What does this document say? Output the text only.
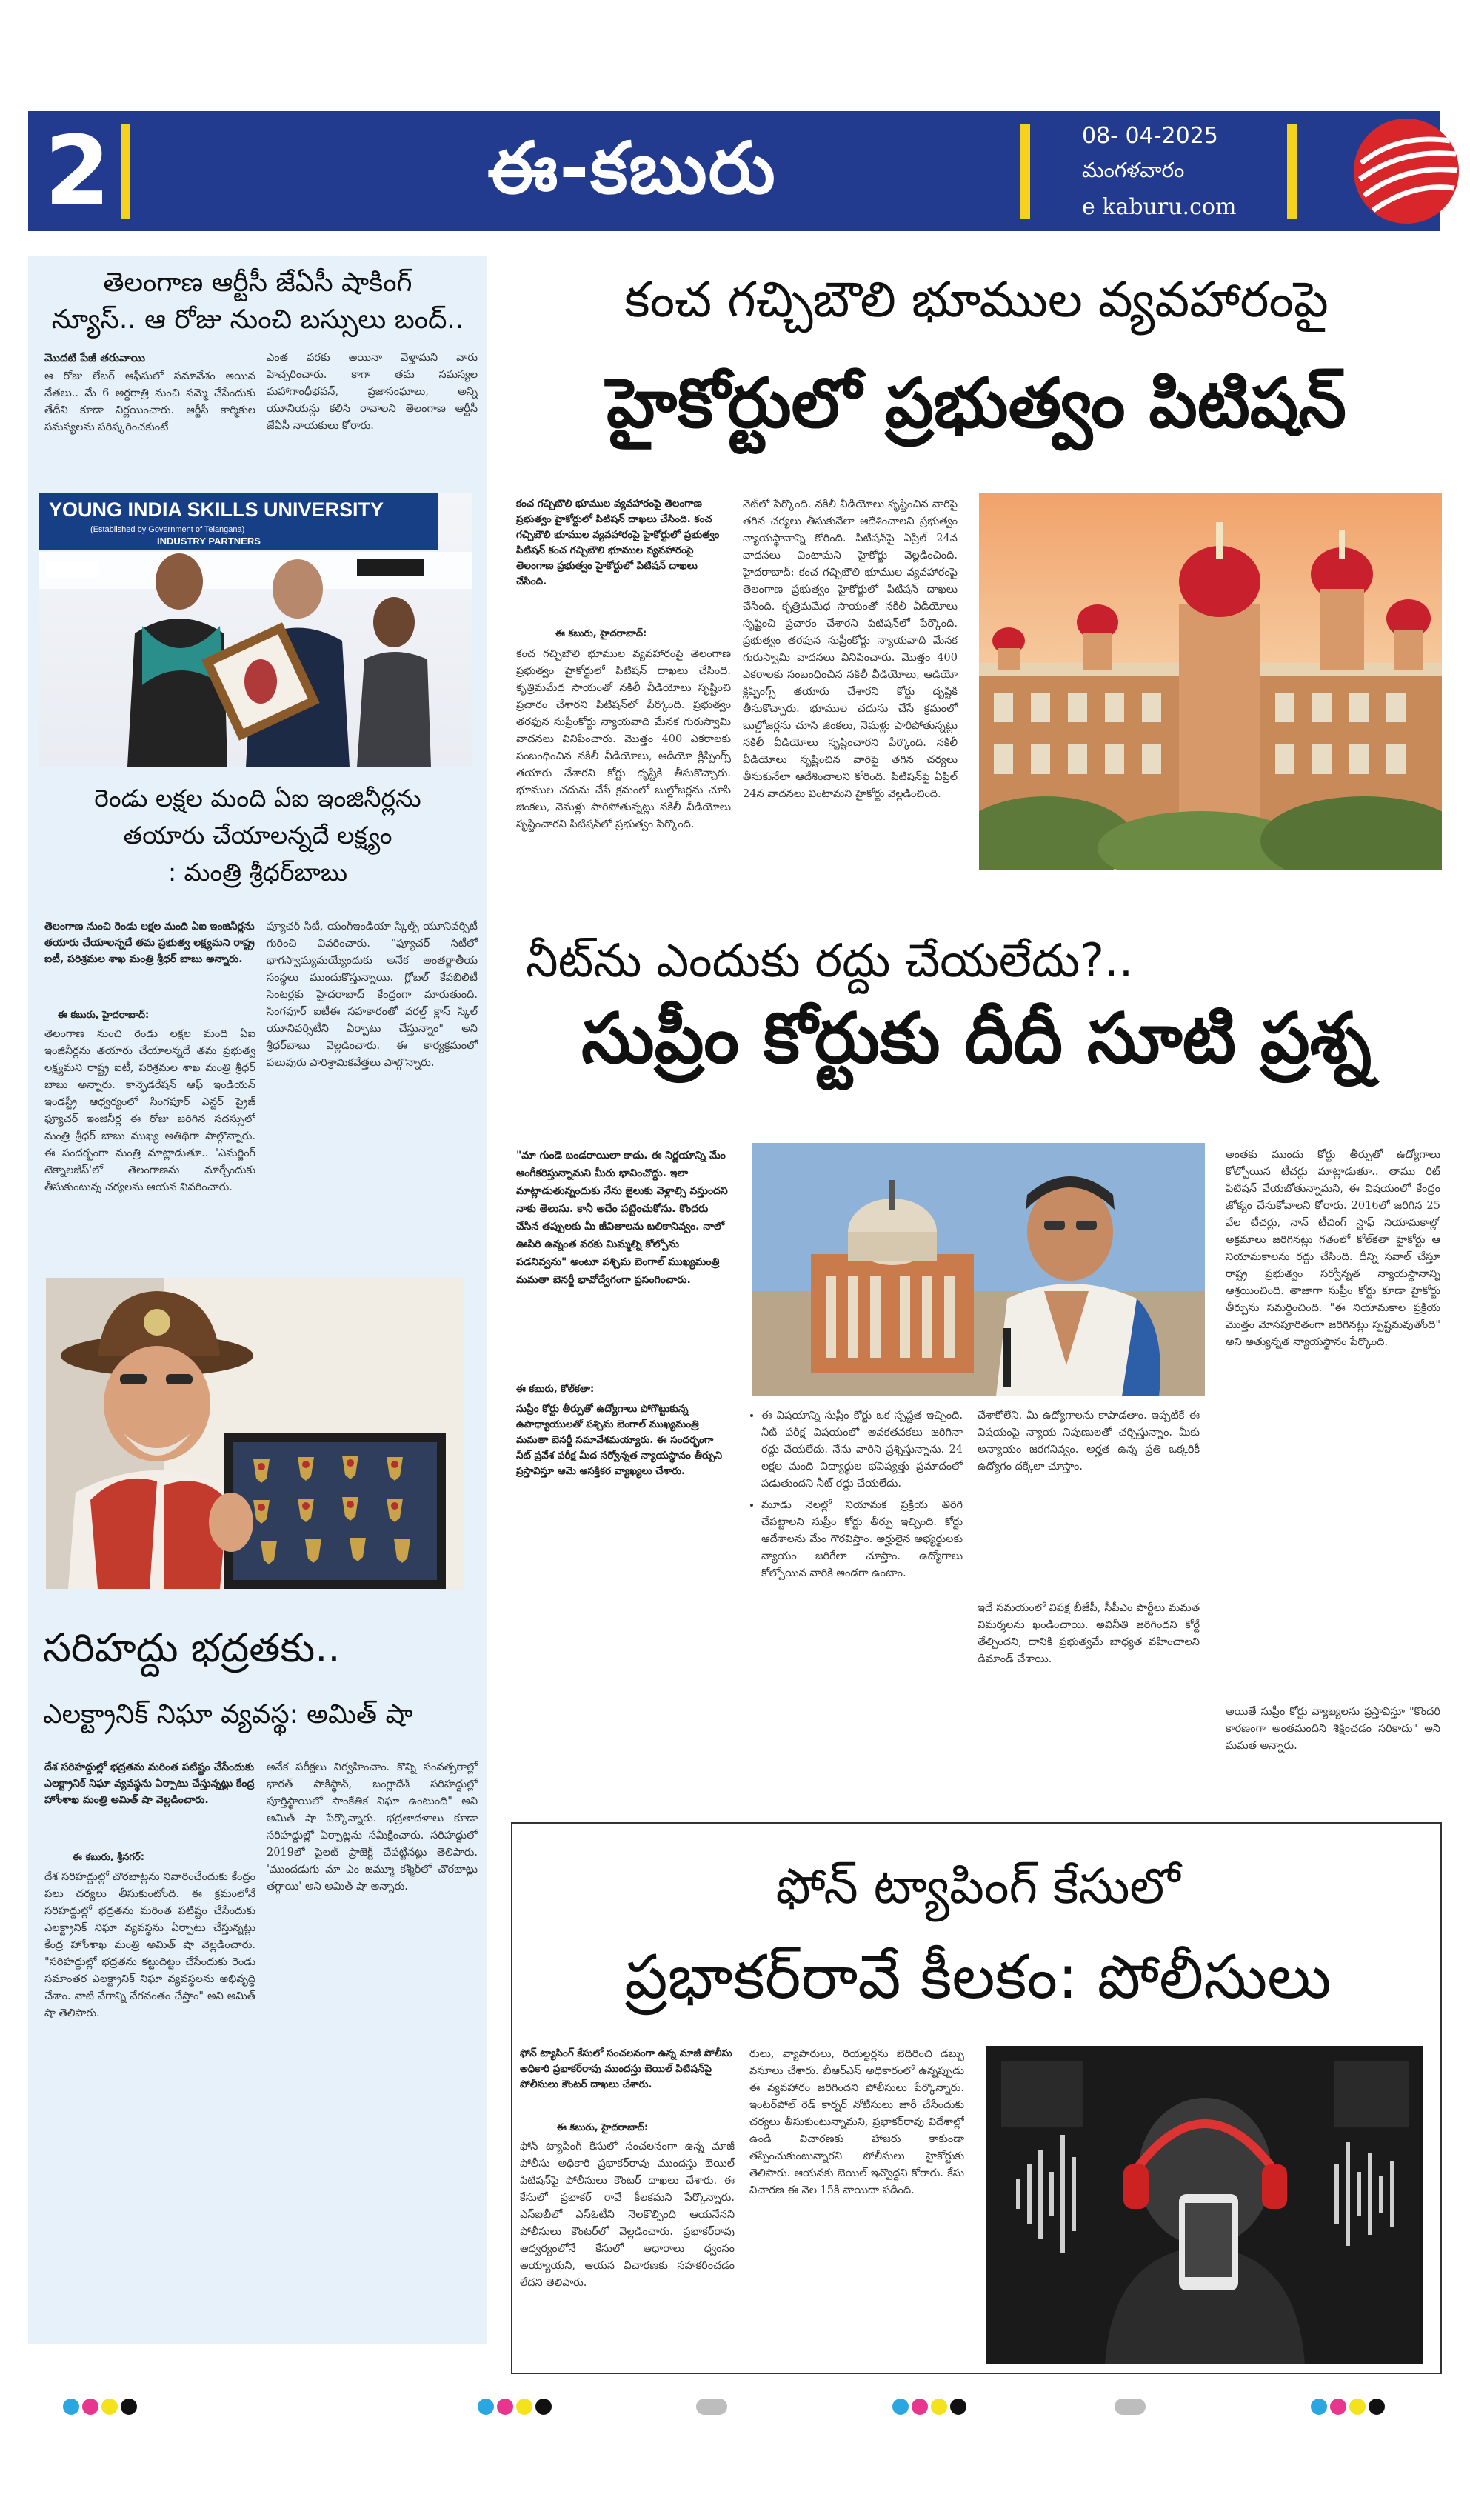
2	ఈ-కబురు	08- 04-2025
మంగళవారం
e kaburu.com
తెలంగాణ ఆర్టీసీ జేఏసీ షాకింగ్
న్యూస్.. ఆ రోజు నుంచి బస్సులు బంద్..
మొదటి పేజీ తరువాయి
ఆ రోజు లేబర్ ఆఫీసులో సమావేశం అయిన నేతలు.. మే 6 అర్ధరాత్రి నుంచి సమ్మె చేసేందుకు తేదీని కూడా నిర్ణయించారు. ఆర్టీసీ కార్మికుల సమస్యలను పరిష్కరించకుంటే
ఎంత వరకు అయినా వెళ్తామని వారు హెచ్చరించారు. కాగా తమ సమస్యల మహాగాంధీభవన్‌, ప్రజాసంఘాలు, అన్ని యూనియన్లు కలిసి రావాలని తెలంగాణ ఆర్టీసీ జేఏసీ నాయకులు కోరారు.
YOUNG INDIA SKILLS UNIVERSITY
(Established by Government of Telangana)
INDUSTRY PARTNERS
రెండు లక్షల మంది ఏఐ ఇంజినీర్లను
తయారు చేయాలన్నదే లక్ష్యం
: మంత్రి శ్రీధర్‌బాబు
తెలంగాణ నుంచి రెండు లక్షల మంది ఏఐ ఇంజినీర్లను తయారు చేయాలన్నదే తమ ప్రభుత్వ లక్ష్యమని రాష్ట్ర ఐటీ, పరిశ్రమల శాఖ మంత్రి శ్రీధర్‌ బాబు అన్నారు.
ఈ కబురు, హైదరాబాద్:
తెలంగాణ నుంచి రెండు లక్షల మంది ఏఐ ఇంజినీర్లను తయారు చేయాలన్నదే తమ ప్రభుత్వ లక్ష్యమని రాష్ట్ర ఐటీ, పరిశ్రమల శాఖ మంత్రి శ్రీధర్ బాబు అన్నారు. కాన్ఫెడరేషన్ ఆఫ్ ఇండియన్ ఇండస్ట్రీ ఆధ్వర్యంలో సింగపూర్ ఎన్టర్ ప్రైజ్ ఫ్యూచర్ ఇంజినీర్ల ఈ రోజు జరిగిన సదస్సులో మంత్రి శ్రీధర్ బాబు ముఖ్య అతిథిగా పాల్గొన్నారు. ఈ సందర్భంగా మంత్రి మాట్లాడుతూ.. 'ఎమర్జింగ్ టెక్నాలజీస్'లో తెలంగాణను మార్చేందుకు తీసుకుంటున్న చర్యలను ఆయన వివరించారు.
ఫ్యూచర్ సిటీ, యంగ్ఇండియా స్కిల్స్ యూనివర్సిటీ గురించి వివరించారు. "ఫ్యూచర్ సిటీలో భాగస్వామ్యమయ్యేందుకు అనేక అంతర్జాతీయ సంస్థలు ముందుకొస్తున్నాయి. గ్లోబల్ కేపబిలిటీ సెంటర్లకు హైదరాబాద్ కేంద్రంగా మారుతుంది. సింగపూర్ ఐటీఈ సహకారంతో వరల్డ్ క్లాస్ స్కిల్ యూనివర్సిటీని ఏర్పాటు చేస్తున్నాం" అని శ్రీధర్‌బాబు వెల్లడించారు. ఈ కార్యక్రమంలో పలువురు పారిశ్రామికవేత్తలు పాల్గొన్నారు.
సరిహద్దు భద్రతకు..
ఎలక్ట్రానిక్ నిఘా వ్యవస్థ: అమిత్ షా
దేశ సరిహద్దుల్లో భద్రతను మరింత పటిష్టం చేసేందుకు ఎలక్ట్రానిక్ నిఘా వ్యవస్థను ఏర్పాటు చేస్తున్నట్లు కేంద్ర హోంశాఖ మంత్రి అమిత్‌ షా వెల్లడించారు.
ఈ కబురు, శ్రీనగర్:
దేశ సరిహద్దుల్లో చొరబాట్లను నివారించేందుకు కేంద్రం పలు చర్యలు తీసుకుంటోంది. ఈ క్రమంలోనే సరిహద్దుల్లో భద్రతను మరింత పటిష్టం చేసేందుకు ఎలక్ట్రానిక్ నిఘా వ్యవస్థను ఏర్పాటు చేస్తున్నట్లు కేంద్ర హోంశాఖ మంత్రి అమిత్‌ షా వెల్లడించారు. "సరిహద్దుల్లో భద్రతను కట్టుదిట్టం చేసేందుకు రెండు సమాంతర ఎలక్ట్రానిక్ నిఘా వ్యవస్థలను అభివృద్ధి చేశాం. వాటి వేగాన్ని వేగవంతం చేస్తాం" అని అమిత్ షా తెలిపారు.
అనేక పరీక్షలు నిర్వహించాం. కొన్ని సంవత్సరాల్లో భారత్‌ పాకిస్థాన్, బంగ్లాదేశ్ సరిహద్దుల్లో పూర్తిస్థాయిలో సాంకేతిక నిఘా ఉంటుంది" అని అమిత్‌ షా పేర్కొన్నారు. భద్రతాదళాలు కూడా సరిహద్దుల్లో ఏర్పాట్లను సమీక్షించారు. సరిహద్దులో 2019లో పైలట్‌ ప్రాజెక్ట్‌ చేపట్టినట్లు తెలిపారు. 'ముందడుగు మా ఎం జమ్మూ కశ్మీర్‌లో చొరబాట్లు తగ్గాయి' అని అమిత్ షా అన్నారు.
కంచ గచ్చిబౌలి భూముల వ్యవహారంపై
హైకోర్టులో ప్రభుత్వం పిటిషన్
కంచ గచ్చిబౌలి భూముల వ్యవహారంపై తెలంగాణ ప్రభుత్వం హైకోర్టులో పిటిషన్ దాఖలు చేసింది. కంచ గచ్చిబౌలి భూముల వ్యవహారంపై హైకోర్టులో ప్రభుత్వం పిటిషన్ కంచ గచ్చిబౌలి భూముల వ్యవహారంపై తెలంగాణ ప్రభుత్వం హైకోర్టులో పిటిషన్ దాఖలు చేసింది.
ఈ కబురు, హైదరాబాద్:
కంచ గచ్చిబౌలి భూముల వ్యవహారంపై తెలంగాణ ప్రభుత్వం హైకోర్టులో పిటిషన్ దాఖలు చేసింది. కృత్రిమమేధ సాయంతో నకిలీ వీడియోలు సృష్టించి ప్రచారం చేశారని పిటిషన్‌లో పేర్కొంది. ప్రభుత్వం తరఫున సుప్రీంకోర్టు న్యాయవాది మేనక గురుస్వామి వాదనలు వినిపించారు. మొత్తం 400 ఎకరాలకు సంబంధించిన నకిలీ వీడియోలు, ఆడియో క్లిప్పింగ్స్ తయారు చేశారని కోర్టు దృష్టికి తీసుకొచ్చారు. భూముల చదును చేసే క్రమంలో బుల్డోజర్లను చూసి జింకలు, నెమళ్లు పారిపోతున్నట్లు నకిలీ వీడియోలు సృష్టించారని పిటిషన్‌లో ప్రభుత్వం పేర్కొంది.
నెట్‌లో పేర్కొంది. నకిలీ వీడియోలు సృష్టించిన వారిపై తగిన చర్యలు తీసుకునేలా ఆదేశించాలని ప్రభుత్వం న్యాయస్థానాన్ని కోరింది. పిటిషన్‌పై ఏప్రిల్ 24న వాదనలు వింటామని హైకోర్టు వెల్లడించింది. హైదరాబాద్: కంచ గచ్చిబౌలి భూముల వ్యవహారంపై తెలంగాణ ప్రభుత్వం హైకోర్టులో పిటిషన్ దాఖలు చేసింది. కృత్రిమమేధ సాయంతో నకిలీ వీడియోలు సృష్టించి ప్రచారం చేశారని పిటిషన్‌లో పేర్కొంది. ప్రభుత్వం తరఫున సుప్రీంకోర్టు న్యాయవాది మేనక గురుస్వామి వాదనలు వినిపించారు. మొత్తం 400 ఎకరాలకు సంబంధించిన నకిలీ వీడియోలు, ఆడియో క్లిప్పింగ్స్ తయారు చేశారని కోర్టు దృష్టికి తీసుకొచ్చారు. భూముల చదును చేసే క్రమంలో బుల్డోజర్లను చూసి జింకలు, నెమళ్లు పారిపోతున్నట్లు నకిలీ వీడియోలు సృష్టించారని పేర్కొంది. నకిలీ వీడియోలు సృష్టించిన వారిపై తగిన చర్యలు తీసుకునేలా ఆదేశించాలని కోరింది. పిటిషన్‌పై ఏప్రిల్ 24న వాదనలు వింటామని హైకోర్టు వెల్లడించింది.
నీట్‌ను ఎందుకు రద్దు చేయలేదు?..
సుప్రీం కోర్టుకు దీదీ సూటి ప్రశ్న
"మా గుండె బండరాయిలా కాదు. ఈ నిర్ణయాన్ని మేం అంగీకరిస్తున్నామని మీరు భావించొద్దు. ఇలా మాట్లాడుతున్నందుకు నేను జైలుకు వెళ్లాల్సి వస్తుందని నాకు తెలుసు. కానీ అదేం పట్టించుకోను. కొందరు చేసిన తప్పులకు మీ జీవితాలను బలికానివ్వం. నాలో ఊపిరి ఉన్నంత వరకు మిమ్మల్ని కోల్పోను పడనివ్వను" అంటూ పశ్చిమ బెంగాల్ ముఖ్యమంత్రి మమతా బెనర్జీ భావోద్వేగంగా ప్రసంగించారు.
ఈ కబురు, కోల్‌కతా:
సుప్రీం కోర్టు తీర్పుతో ఉద్యోగాలు పోగొట్టుకున్న ఉపాధ్యాయులతో పశ్చిమ బెంగాల్ ముఖ్యమంత్రి మమతా బెనర్జీ సమావేశమయ్యారు. ఈ సందర్భంగా నీట్ ప్రవేశ పరీక్ష మీద సర్వోన్నత న్యాయస్థానం తీర్పుని ప్రస్తావిస్తూ ఆమె ఆసక్తికర వ్యాఖ్యలు చేశారు.
• ఈ విషయాన్ని సుప్రీం కోర్టు ఒక స్పష్టత ఇచ్చింది. నీట్ పరీక్ష విషయంలో అవకతవకలు జరిగినా రద్దు చేయలేదు. నేను వారిని ప్రశ్నిస్తున్నాను. 24 లక్షల మంది విద్యార్థుల భవిష్యత్తు ప్రమాదంలో పడుతుందని నీట్ రద్దు చేయలేదు.
• మూడు నెలల్లో నియామక ప్రక్రియ తిరిగి చేపట్టాలని సుప్రీం కోర్టు తీర్పు ఇచ్చింది. కోర్టు ఆదేశాలను మేం గౌరవిస్తాం. అర్హులైన అభ్యర్థులకు న్యాయం జరిగేలా చూస్తాం. ఉద్యోగాలు కోల్పోయిన వారికి అండగా ఉంటాం.
చేశాకోలేని. మీ ఉద్యోగాలను కాపాడతాం. ఇప్పటికే ఈ విషయంపై న్యాయ నిపుణులతో చర్చిస్తున్నాం. మీకు అన్యాయం జరగనివ్వం. అర్హత ఉన్న ప్రతి ఒక్కరికీ ఉద్యోగం దక్కేలా చూస్తాం.
ఇదే సమయంలో విపక్ష బీజేపీ, సీపీఎం పార్టీలు మమత విమర్శలను ఖండించాయి. అవినీతి జరిగిందని కోర్టే తేల్చిందని, దానికి ప్రభుత్వమే బాధ్యత వహించాలని డిమాండ్ చేశాయి.
అంతకు ముందు కోర్టు తీర్పుతో ఉద్యోగాలు కోల్పోయిన టీచర్లు మాట్లాడుతూ.. తాము రిట్ పిటిషన్ వేయబోతున్నామని, ఈ విషయంలో కేంద్రం జోక్యం చేసుకోవాలని కోరారు. 2016లో జరిగిన 25 వేల టీచర్లు, నాన్ టీచింగ్ స్టాఫ్ నియామకాల్లో అక్రమాలు జరిగినట్లు గతంలో కోల్‌కతా హైకోర్టు ఆ నియామకాలను రద్దు చేసింది. దీన్ని సవాల్ చేస్తూ రాష్ట్ర ప్రభుత్వం సర్వోన్నత న్యాయస్థానాన్ని ఆశ్రయించింది. తాజాగా సుప్రీం కోర్టు కూడా హైకోర్టు తీర్పును సమర్థించింది. "ఈ నియామకాల ప్రక్రియ మొత్తం మోసపూరితంగా జరిగినట్లు స్పష్టమవుతోంది" అని అత్యున్నత న్యాయస్థానం పేర్కొంది.
అయితే సుప్రీం కోర్టు వ్యాఖ్యలను ప్రస్తావిస్తూ "కొందరి కారణంగా అంతమందిని శిక్షించడం సరికాదు" అని మమత అన్నారు.
ఫోన్ ట్యాపింగ్ కేసులో
ప్రభాకర్‌రావే కీలకం: పోలీసులు
ఫోన్ ట్యాపింగ్ కేసులో సంచలనంగా ఉన్న మాజీ పోలీసు అధికారి ప్రభాకర్‌రావు ముందస్తు బెయిల్ పిటిషన్‌పై పోలీసులు కౌంటర్ దాఖలు చేశారు.
ఈ కబురు, హైదరాబాద్:
ఫోన్ ట్యాపింగ్ కేసులో సంచలనంగా ఉన్న మాజీ పోలీసు అధికారి ప్రభాకర్‌రావు ముందస్తు బెయిల్ పిటిషన్‌పై పోలీసులు కౌంటర్ దాఖలు చేశారు. ఈ కేసులో ప్రభాకర్ రావే కీలకమని పేర్కొన్నారు. ఎస్ఐబీలో ఎస్ఓటీని నెలకొల్పింది ఆయనేనని పోలీసులు కౌంటర్‌లో వెల్లడించారు. ప్రభాకర్‌రావు ఆధ్వర్యంలోనే కేసులో ఆధారాలు ధ్వంసం అయ్యాయని, ఆయన విచారణకు సహకరించడం లేదని తెలిపారు.
రులు, వ్యాపారులు, రియల్టర్లను బెదిరించి డబ్బు వసూలు చేశారు. బీఆర్ఎస్ అధికారంలో ఉన్నప్పుడు ఈ వ్యవహారం జరిగిందని పోలీసులు పేర్కొన్నారు. ఇంటర్‌పోల్ రెడ్ కార్నర్ నోటీసులు జారీ చేసేందుకు చర్యలు తీసుకుంటున్నామని, ప్రభాకర్‌రావు విదేశాల్లో ఉండి విచారణకు హాజరు కాకుండా తప్పించుకుంటున్నారని పోలీసులు హైకోర్టుకు తెలిపారు. ఆయనకు బెయిల్ ఇవ్వొద్దని కోరారు. కేసు విచారణ ఈ నెల 15కి వాయిదా పడింది.
